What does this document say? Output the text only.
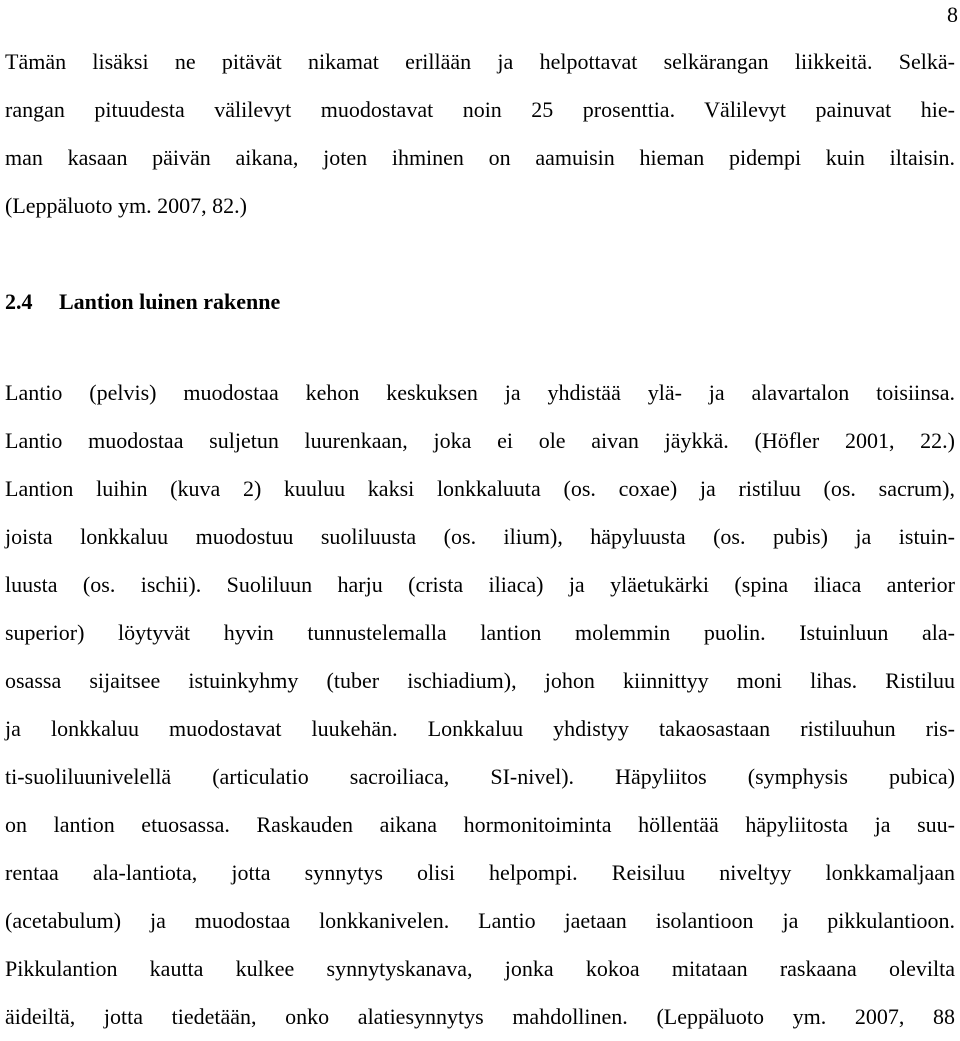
8
Tämän lisäksi ne pitävät nikamat erillään ja helpottavat selkärangan liikkeitä. Selkä-
rangan pituudesta välilevyt muodostavat noin 25 prosenttia. Välilevyt painuvat hie-
man kasaan päivän aikana, joten ihminen on aamuisin hieman pidempi kuin iltaisin.
(Leppäluoto ym. 2007, 82.)
2.4 Lantion luinen rakenne
Lantio (pelvis) muodostaa kehon keskuksen ja yhdistää ylä- ja alavartalon toisiinsa.
Lantio muodostaa suljetun luurenkaan, joka ei ole aivan jäykkä. (Höfler 2001, 22.)
Lantion luihin (kuva 2) kuuluu kaksi lonkkaluuta (os. coxae) ja ristiluu (os. sacrum),
joista lonkkaluu muodostuu suoliluusta (os. ilium), häpyluusta (os. pubis) ja istuin-
luusta (os. ischii). Suoliluun harju (crista iliaca) ja yläetukärki (spina iliaca anterior
superior) löytyvät hyvin tunnustelemalla lantion molemmin puolin. Istuinluun ala-
osassa sijaitsee istuinkyhmy (tuber ischiadium), johon kiinnittyy moni lihas. Ristiluu
ja lonkkaluu muodostavat luukehän. Lonkkaluu yhdistyy takaosastaan ristiluuhun ris-
ti-suoliluunivelellä (articulatio sacroiliaca, SI-nivel). Häpyliitos (symphysis pubica)
on lantion etuosassa. Raskauden aikana hormonitoiminta höllentää häpyliitosta ja suu-
rentaa ala-lantiota, jotta synnytys olisi helpompi. Reisiluu niveltyy lonkkamaljaan
(acetabulum) ja muodostaa lonkkanivelen. Lantio jaetaan isolantioon ja pikkulantioon.
Pikkulantion kautta kulkee synnytyskanava, jonka kokoa mitataan raskaana olevilta
äideiltä, jotta tiedetään, onko alatiesynnytys mahdollinen. (Leppäluoto ym. 2007, 88
